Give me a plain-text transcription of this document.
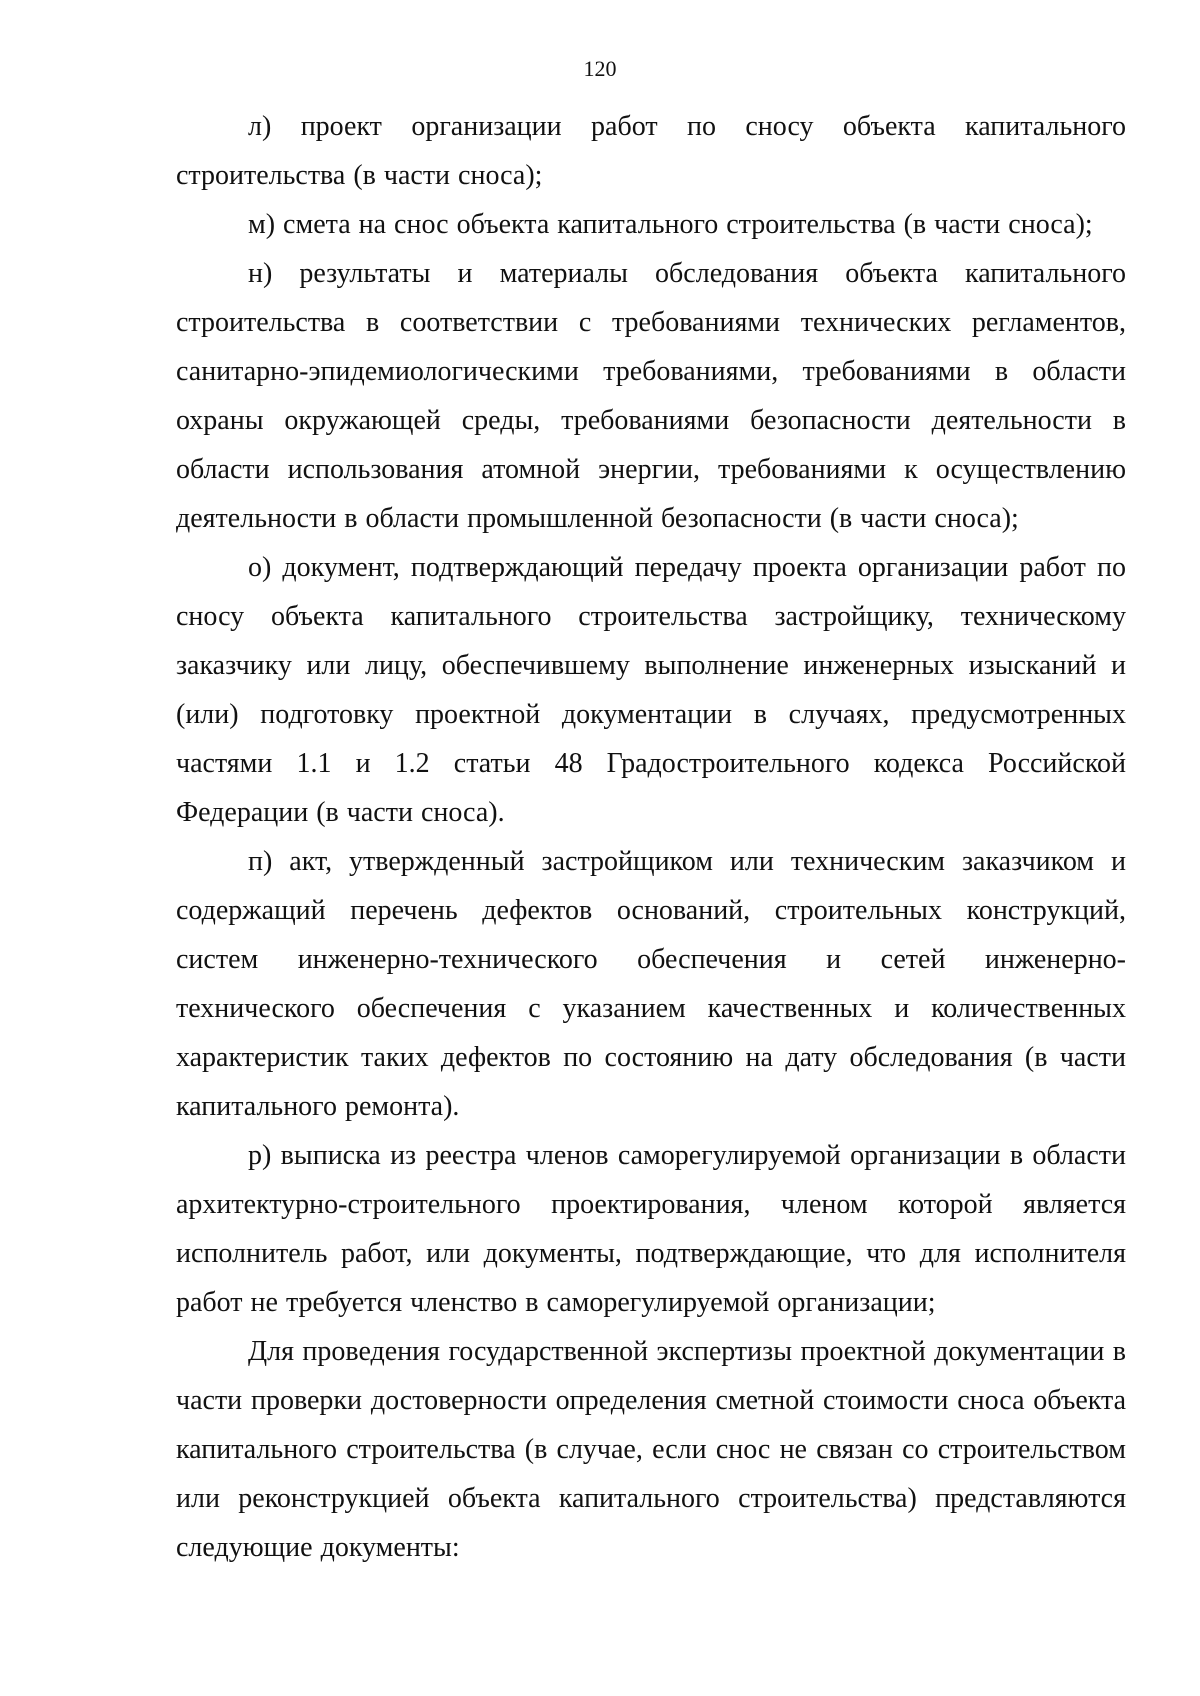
120

л) проект организации работ по сносу объекта капитального строительства (в части сноса);

м) смета на снос объекта капитального строительства (в части сноса);

н) результаты и материалы обследования объекта капитального строительства в соответствии с требованиями технических регламентов, санитарно-эпидемиологическими требованиями, требованиями в области охраны окружающей среды, требованиями безопасности деятельности в области использования атомной энергии, требованиями к осуществлению деятельности в области промышленной безопасности (в части сноса);

о) документ, подтверждающий передачу проекта организации работ по сносу объекта капитального строительства застройщику, техническому заказчику или лицу, обеспечившему выполнение инженерных изысканий и (или) подготовку проектной документации в случаях, предусмотренных частями 1.1 и 1.2 статьи 48 Градостроительного кодекса Российской Федерации (в части сноса).

п) акт, утвержденный застройщиком или техническим заказчиком и содержащий перечень дефектов оснований, строительных конструкций, систем инженерно-технического обеспечения и сетей инженерно-технического обеспечения с указанием качественных и количественных характеристик таких дефектов по состоянию на дату обследования (в части капитального ремонта).

р) выписка из реестра членов саморегулируемой организации в области архитектурно-строительного проектирования, членом которой является исполнитель работ, или документы, подтверждающие, что для исполнителя работ не требуется членство в саморегулируемой организации;

Для проведения государственной экспертизы проектной документации в части проверки достоверности определения сметной стоимости сноса объекта капитального строительства (в случае, если снос не связан со строительством или реконструкцией объекта капитального строительства) представляются следующие документы:
